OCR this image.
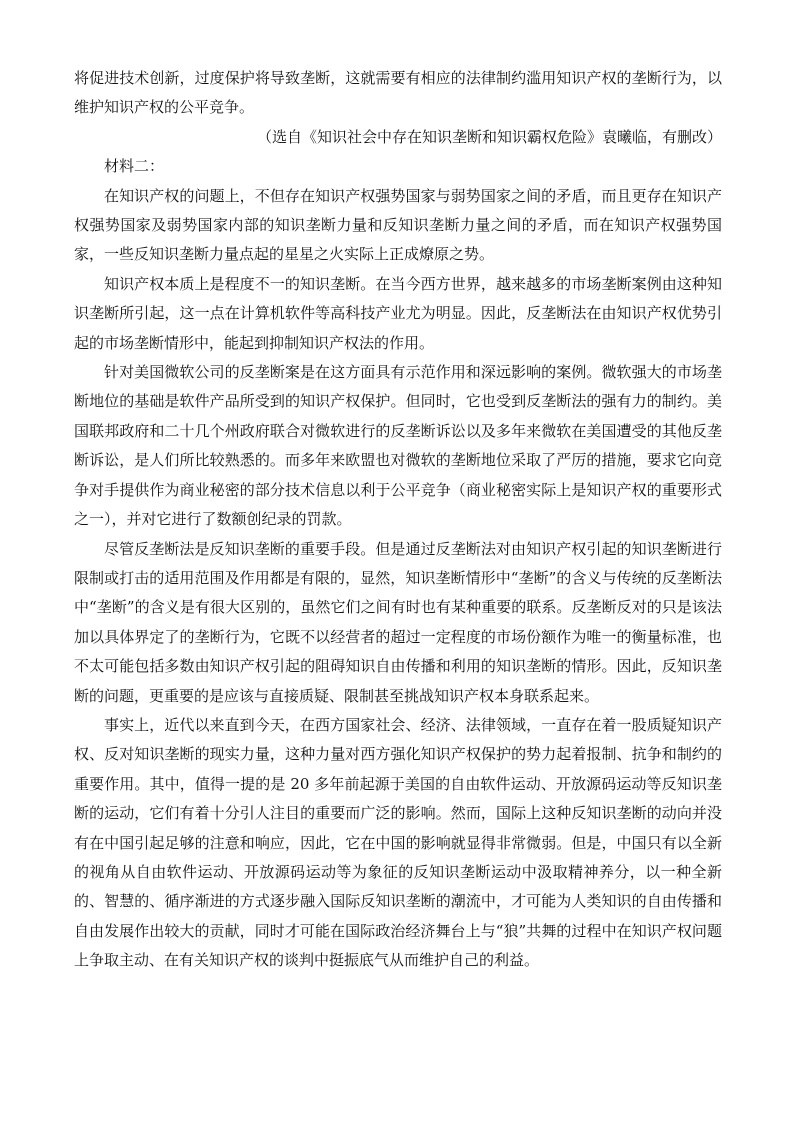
将促进技术创新，过度保护将导致垄断，这就需要有相应的法律制约滥用知识产权的垄断行为，以维护知识产权的公平竞争。

（选自《知识社会中存在知识垄断和知识霸权危险》袁曦临，有删改）

材料二：

在知识产权的问题上，不但存在知识产权强势国家与弱势国家之间的矛盾，而且更存在知识产权强势国家及弱势国家内部的知识垄断力量和反知识垄断力量之间的矛盾，而在知识产权强势国家，一些反知识垄断力量点起的星星之火实际上正成燎原之势。

知识产权本质上是程度不一的知识垄断。在当今西方世界，越来越多的市场垄断案例由这种知识垄断所引起，这一点在计算机软件等高科技产业尤为明显。因此，反垄断法在由知识产权优势引起的市场垄断情形中，能起到抑制知识产权法的作用。

针对美国微软公司的反垄断案是在这方面具有示范作用和深远影响的案例。微软强大的市场垄断地位的基础是软件产品所受到的知识产权保护。但同时，它也受到反垄断法的强有力的制约。美国联邦政府和二十几个州政府联合对微软进行的反垄断诉讼以及多年来微软在美国遭受的其他反垄断诉讼，是人们所比较熟悉的。而多年来欧盟也对微软的垄断地位采取了严厉的措施，要求它向竞争对手提供作为商业秘密的部分技术信息以利于公平竞争（商业秘密实际上是知识产权的重要形式之一），并对它进行了数额创纪录的罚款。

尽管反垄断法是反知识垄断的重要手段。但是通过反垄断法对由知识产权引起的知识垄断进行限制或打击的适用范围及作用都是有限的，显然，知识垄断情形中“垄断”的含义与传统的反垄断法中“垄断”的含义是有很大区别的，虽然它们之间有时也有某种重要的联系。反垄断反对的只是该法加以具体界定了的垄断行为，它既不以经营者的超过一定程度的市场份额作为唯一的衡量标准，也不太可能包括多数由知识产权引起的阻碍知识自由传播和利用的知识垄断的情形。因此，反知识垄断的问题，更重要的是应该与直接质疑、限制甚至挑战知识产权本身联系起来。

事实上，近代以来直到今天，在西方国家社会、经济、法律领域，一直存在着一股质疑知识产权、反对知识垄断的现实力量，这种力量对西方强化知识产权保护的势力起着报制、抗争和制约的重要作用。其中，值得一提的是 20 多年前起源于美国的自由软件运动、开放源码运动等反知识垄断的运动，它们有着十分引人注目的重要而广泛的影响。然而，国际上这种反知识垄断的动向并没有在中国引起足够的注意和响应，因此，它在中国的影响就显得非常微弱。但是，中国只有以全新的视角从自由软件运动、开放源码运动等为象征的反知识垄断运动中汲取精神养分，以一种全新的、智慧的、循序渐进的方式逐步融入国际反知识垄断的潮流中，才可能为人类知识的自由传播和自由发展作出较大的贡献，同时才可能在国际政治经济舞台上与“狼”共舞的过程中在知识产权问题上争取主动、在有关知识产权的谈判中挺振底气从而维护自己的利益。
